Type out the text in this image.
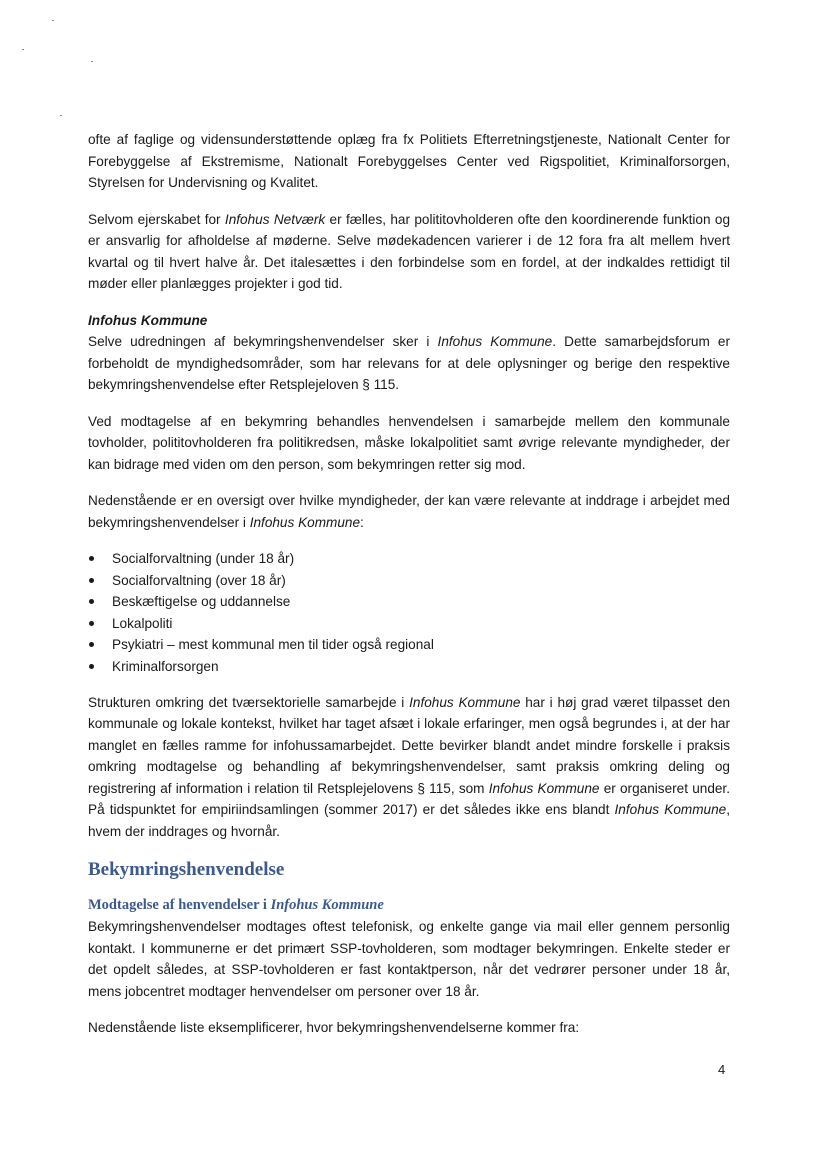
ofte af faglige og vidensunderstøttende oplæg fra fx Politiets Efterretningstjeneste, Nationalt Center for Forebyggelse af Ekstremisme, Nationalt Forebyggelses Center ved Rigspolitiet, Kriminalforsorgen, Styrelsen for Undervisning og Kvalitet.

Selvom ejerskabet for Infohus Netværk er fælles, har polititovholderen ofte den koordinerende funktion og er ansvarlig for afholdelse af møderne. Selve mødekadencen varierer i de 12 fora fra alt mellem hvert kvartal og til hvert halve år. Det italesættes i den forbindelse som en fordel, at der indkaldes rettidigt til møder eller planlægges projekter i god tid.

Infohus Kommune

Selve udredningen af bekymringshenvendelser sker i Infohus Kommune. Dette samarbejdsforum er forbeholdt de myndighedsområder, som har relevans for at dele oplysninger og berige den respektive bekymringshenvendelse efter Retsplejeloven § 115.

Ved modtagelse af en bekymring behandles henvendelsen i samarbejde mellem den kommunale tovholder, polititovholderen fra politikredsen, måske lokalpolitiet samt øvrige relevante myndigheder, der kan bidrage med viden om den person, som bekymringen retter sig mod.

Nedenstående er en oversigt over hvilke myndigheder, der kan være relevante at inddrage i arbejdet med bekymringshenvendelser i Infohus Kommune:

Socialforvaltning (under 18 år)
Socialforvaltning (over 18 år)
Beskæftigelse og uddannelse
Lokalpoliti
Psykiatri – mest kommunal men til tider også regional
Kriminalforsorgen

Strukturen omkring det tværsektorielle samarbejde i Infohus Kommune har i høj grad været tilpasset den kommunale og lokale kontekst, hvilket har taget afsæt i lokale erfaringer, men også begrundes i, at der har manglet en fælles ramme for infohussamarbejdet. Dette bevirker blandt andet mindre forskelle i praksis omkring modtagelse og behandling af bekymringshenvendelser, samt praksis omkring deling og registrering af information i relation til Retsplejelovens § 115, som Infohus Kommune er organiseret under. På tidspunktet for empiriindsamlingen (sommer 2017) er det således ikke ens blandt Infohus Kommune, hvem der inddrages og hvornår.

Bekymringshenvendelse
Modtagelse af henvendelser i Infohus Kommune

Bekymringshenvendelser modtages oftest telefonisk, og enkelte gange via mail eller gennem personlig kontakt. I kommunerne er det primært SSP-tovholderen, som modtager bekymringen. Enkelte steder er det opdelt således, at SSP-tovholderen er fast kontaktperson, når det vedrører personer under 18 år, mens jobcentret modtager henvendelser om personer over 18 år.

Nedenstående liste eksemplificerer, hvor bekymringshenvendelserne kommer fra:

4
